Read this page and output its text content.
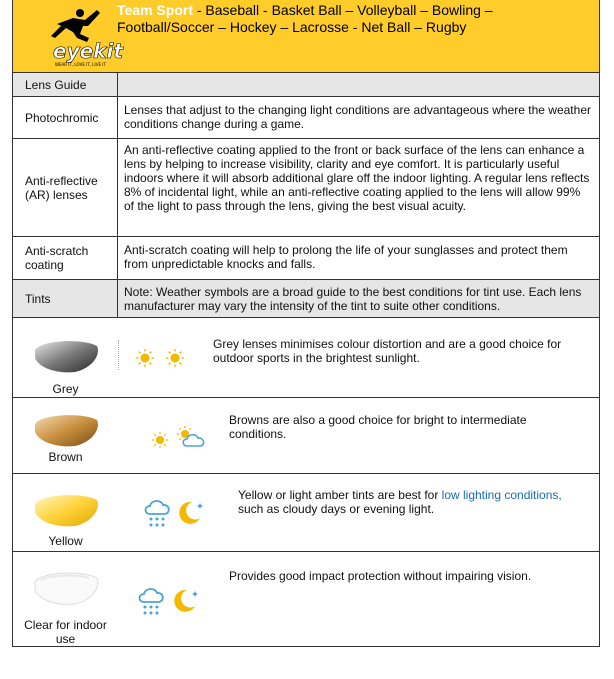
eyekit
WEAR IT, LOVE IT, LIVE IT
Team Sport - Baseball - Basket Ball – Volleyball – Bowling – Football/Soccer – Hockey – Lacrosse - Net Ball – Rugby
Lens Guide
Photochromic
Lenses that adjust to the changing light conditions are advantageous where the weather conditions change during a game.
Anti-reflective (AR) lenses
An anti-reflective coating applied to the front or back surface of the lens can enhance a lens by helping to increase visibility, clarity and eye comfort. It is particularly useful indoors where it will absorb additional glare off the indoor lighting. A regular lens reflects 8% of incidental light, while an anti-reflective coating applied to the lens will allow 99% of the light to pass through the lens, giving the best visual acuity.
Anti-scratch coating
Anti-scratch coating will help to prolong the life of your sunglasses and protect them from unpredictable knocks and falls.
Tints	Note: Weather symbols are a broad guide to the best conditions for tint use. Each lens manufacturer may vary the intensity of the tint to suite other conditions.
Grey
Grey lenses minimises colour distortion and are a good choice for outdoor sports in the brightest sunlight.
Brown
Browns are also a good choice for bright to intermediate conditions.
Yellow
Yellow or light amber tints are best for low lighting conditions, such as cloudy days or evening light.
Clear for indoor use
Provides good impact protection without impairing vision.
